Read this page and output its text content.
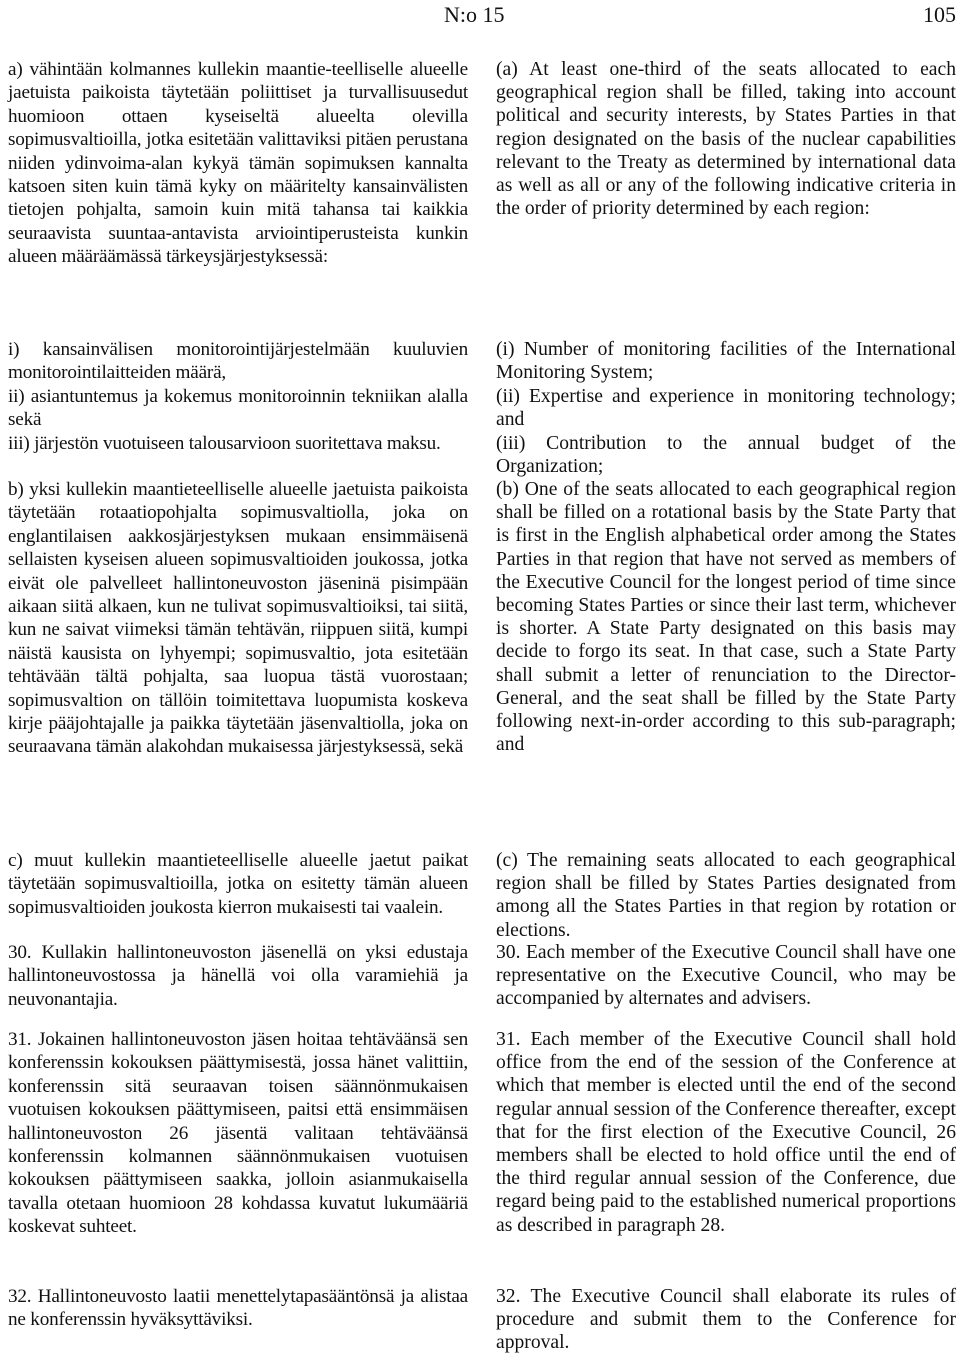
N:o 15	105

a) vähintään kolmannes kullekin maantie-teelliselle alueelle jaetuista paikoista täytetään poliittiset ja turvallisuusedut huomioon ottaen kyseiseltä alueelta olevilla sopimusvaltioilla, jotka esitetään valittaviksi pitäen perustana niiden ydinvoima-alan kykyä tämän sopimuksen kannalta katsoen siten kuin tämä kyky on määritelty kansainvälisten tietojen pohjalta, samoin kuin mitä tahansa tai kaikkia seuraavista suuntaa-antavista arviointiperusteista kunkin alueen määräämässä tärkeysjärjestyksessä:

i) kansainvälisen monitorointijärjestelmään kuuluvien monitorointilaitteiden määrä,

ii) asiantuntemus ja kokemus monitoroinnin tekniikan alalla sekä

iii) järjestön vuotuiseen talousarvioon suoritettava maksu.

b) yksi kullekin maantieteelliselle alueelle jaetuista paikoista täytetään rotaatiopohjalta sopimusvaltiolla, joka on englantilaisen aakkosjärjestyksen mukaan ensimmäisenä sellaisten kyseisen alueen sopimusvaltioiden joukossa, jotka eivät ole palvelleet hallintoneuvoston jäseninä pisimpään aikaan siitä alkaen, kun ne tulivat sopimusvaltioiksi, tai siitä, kun ne saivat viimeksi tämän tehtävän, riippuen siitä, kumpi näistä kausista on lyhyempi; sopimusvaltio, jota esitetään tehtävään tältä pohjalta, saa luopua tästä vuorostaan; sopimusvaltion on tällöin toimitettava luopumista koskeva kirje pääjohtajalle ja paikka täytetään jäsenvaltiolla, joka on seuraavana tämän alakohdan mukaisessa järjestyksessä, sekä

c) muut kullekin maantieteelliselle alueelle jaetut paikat täytetään sopimusvaltioilla, jotka on esitetty tämän alueen sopimusvaltioiden joukosta kierron mukaisesti tai vaalein.

30. Kullakin hallintoneuvoston jäsenellä on yksi edustaja hallintoneuvostossa ja hänellä voi olla varamiehiä ja neuvonantajia.

31. Jokainen hallintoneuvoston jäsen hoitaa tehtäväänsä sen konferenssin kokouksen päättymisestä, jossa hänet valittiin, konferenssin sitä seuraavan toisen säännönmukaisen vuotuisen kokouksen päättymiseen, paitsi että ensimmäisen hallintoneuvoston 26 jäsentä valitaan tehtäväänsä konferenssin kolmannen säännönmukaisen vuotuisen kokouksen päättymiseen saakka, jolloin asianmukaisella tavalla otetaan huomioon 28 kohdassa kuvatut lukumääriä koskevat suhteet.

32. Hallintoneuvosto laatii menettelytapasääntönsä ja alistaa ne konferenssin hyväksyttäviksi.

(a) At least one-third of the seats allocated to each geographical region shall be filled, taking into account political and security interests, by States Parties in that region designated on the basis of the nuclear capabilities relevant to the Treaty as determined by international data as well as all or any of the following indicative criteria in the order of priority determined by each region:

(i) Number of monitoring facilities of the International Monitoring System;

(ii) Expertise and experience in monitoring technology; and

(iii) Contribution to the annual budget of the Organization;

(b) One of the seats allocated to each geographical region shall be filled on a rotational basis by the State Party that is first in the English alphabetical order among the States Parties in that region that have not served as members of the Executive Council for the longest period of time since becoming States Parties or since their last term, whichever is shorter. A State Party designated on this basis may decide to forgo its seat. In that case, such a State Party shall submit a letter of renunciation to the Director-General, and the seat shall be filled by the State Party following next-in-order according to this sub-paragraph; and

(c) The remaining seats allocated to each geographical region shall be filled by States Parties designated from among all the States Parties in that region by rotation or elections.

30. Each member of the Executive Council shall have one representative on the Executive Council, who may be accompanied by alternates and advisers.

31. Each member of the Executive Council shall hold office from the end of the session of the Conference at which that member is elected until the end of the second regular annual session of the Conference thereafter, except that for the first election of the Executive Council, 26 members shall be elected to hold office until the end of the third regular annual session of the Conference, due regard being paid to the established numerical proportions as described in paragraph 28.

32. The Executive Council shall elaborate its rules of procedure and submit them to the Conference for approval.
